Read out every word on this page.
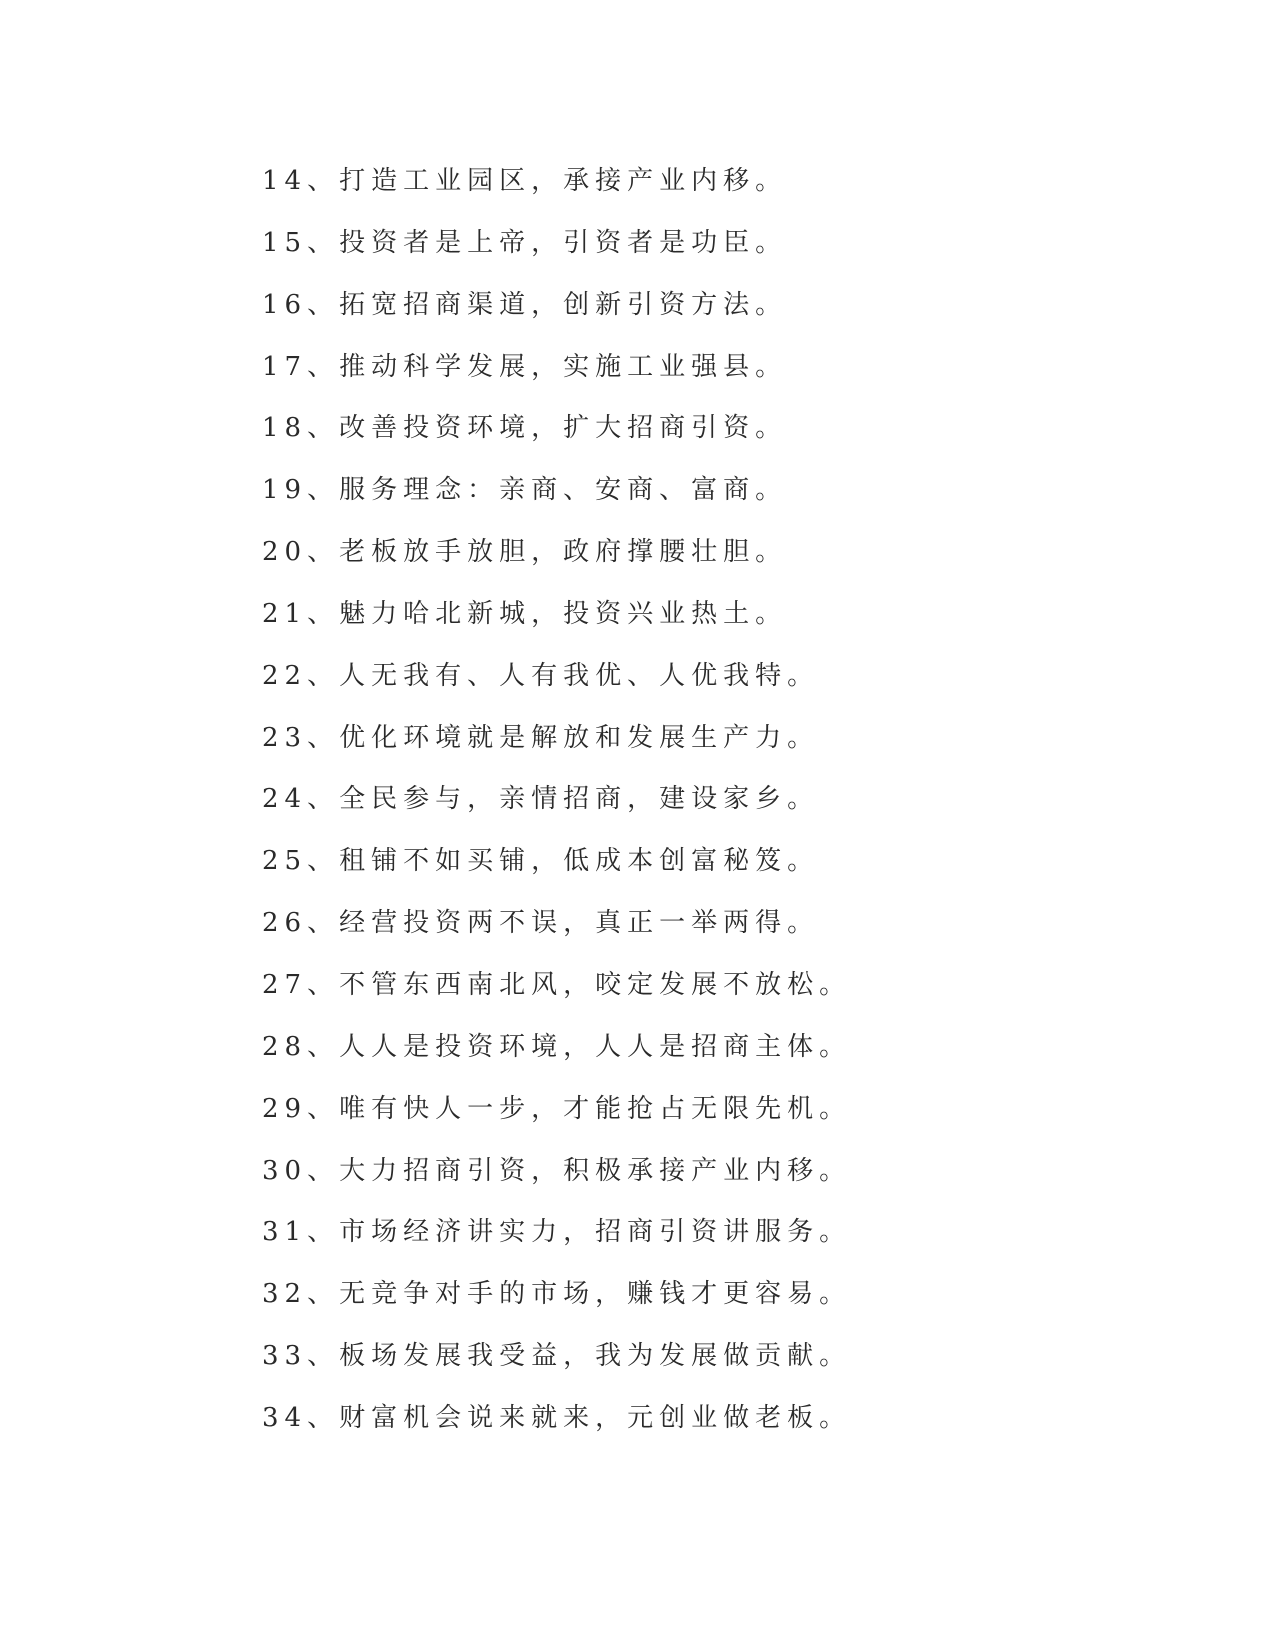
14、打造工业园区，承接产业内移。
15、投资者是上帝，引资者是功臣。
16、拓宽招商渠道，创新引资方法。
17、推动科学发展，实施工业强县。
18、改善投资环境，扩大招商引资。
19、服务理念：亲商、安商、富商。
20、老板放手放胆，政府撑腰壮胆。
21、魅力哈北新城，投资兴业热土。
22、人无我有、人有我优、人优我特。
23、优化环境就是解放和发展生产力。
24、全民参与，亲情招商，建设家乡。
25、租铺不如买铺，低成本创富秘笈。
26、经营投资两不误，真正一举两得。
27、不管东西南北风，咬定发展不放松。
28、人人是投资环境，人人是招商主体。
29、唯有快人一步，才能抢占无限先机。
30、大力招商引资，积极承接产业内移。
31、市场经济讲实力，招商引资讲服务。
32、无竞争对手的市场，赚钱才更容易。
33、板场发展我受益，我为发展做贡献。
34、财富机会说来就来，元创业做老板。
